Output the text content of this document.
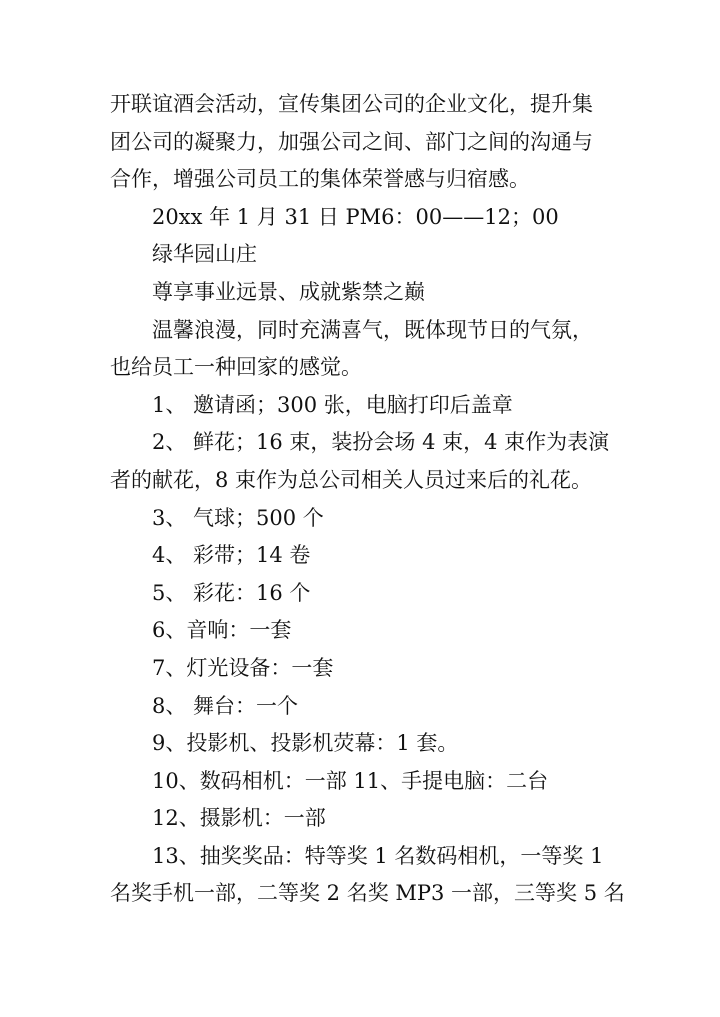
开联谊酒会活动，宣传集团公司的企业文化，提升集
团公司的凝聚力，加强公司之间、部门之间的沟通与
合作，增强公司员工的集体荣誉感与归宿感。
20xx 年 1 月 31 日 PM6：00——12；00
绿华园山庄
尊享事业远景、成就紫禁之巅
温馨浪漫，同时充满喜气，既体现节日的气氛，
也给员工一种回家的感觉。
1、 邀请函；300 张，电脑打印后盖章
2、 鲜花；16 束，装扮会场 4 束，4 束作为表演
者的献花，8 束作为总公司相关人员过来后的礼花。
3、 气球；500 个
4、 彩带；14 卷
5、 彩花：16 个
6、音响：一套
7、灯光设备：一套
8、 舞台：一个
9、投影机、投影机荧幕：1 套。
10、数码相机：一部 11、手提电脑：二台
12、摄影机：一部
13、抽奖奖品：特等奖 1 名数码相机，一等奖 1
名奖手机一部，二等奖 2 名奖 MP3 一部，三等奖 5 名
